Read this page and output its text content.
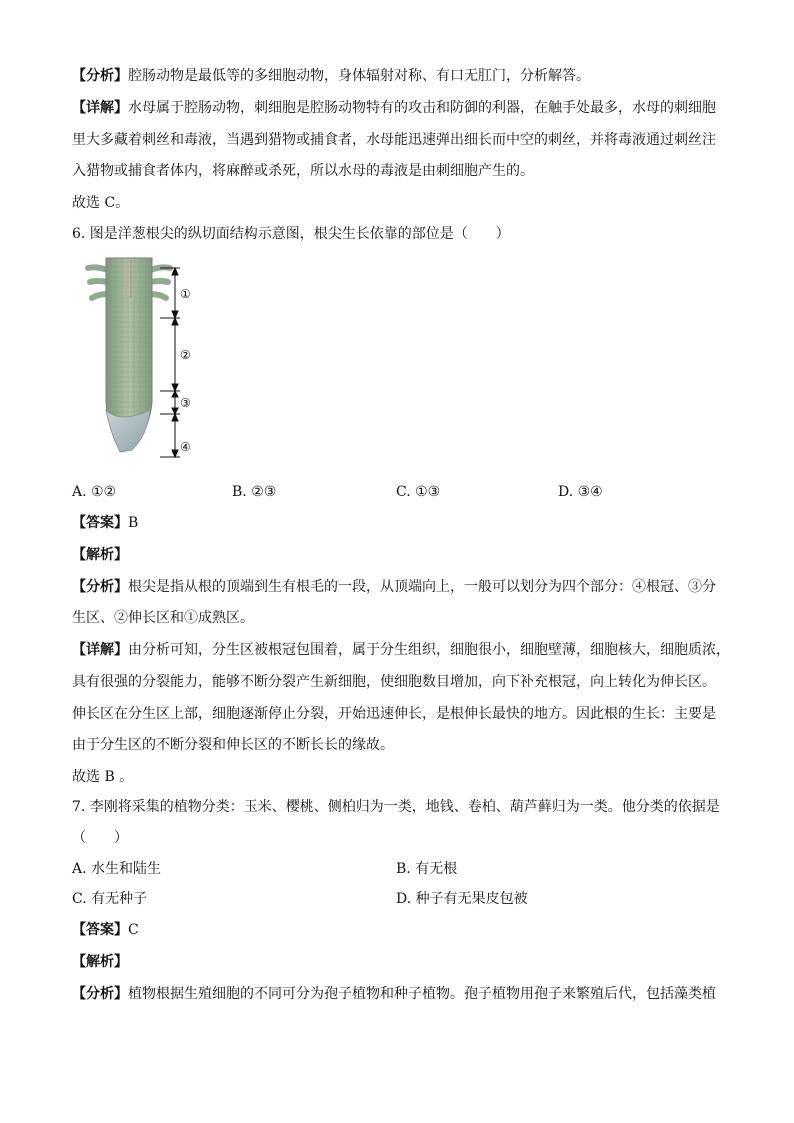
【分析】腔肠动物是最低等的多细胞动物，身体辐射对称、有口无肛门，分析解答。
【详解】水母属于腔肠动物，刺细胞是腔肠动物特有的攻击和防御的利器，在触手处最多，水母的刺细胞
里大多藏着刺丝和毒液，当遇到猎物或捕食者，水母能迅速弹出细长而中空的刺丝，并将毒液通过刺丝注
入猎物或捕食者体内，将麻醉或杀死，所以水母的毒液是由刺细胞产生的。
故选 C。
6. 图是洋葱根尖的纵切面结构示意图，根尖生长依靠的部位是（　　）
①
②
③
④
A. ①②	B. ②③	C. ①③	D. ③④
【答案】B
【解析】
【分析】根尖是指从根的顶端到生有根毛的一段，从顶端向上，一般可以划分为四个部分：④根冠、③分
生区、②伸长区和①成熟区。
【详解】由分析可知，分生区被根冠包围着，属于分生组织，细胞很小，细胞壁薄，细胞核大，细胞质浓，
具有很强的分裂能力，能够不断分裂产生新细胞，使细胞数目增加，向下补充根冠，向上转化为伸长区。
伸长区在分生区上部，细胞逐渐停止分裂，开始迅速伸长，是根伸长最快的地方。因此根的生长：主要是
由于分生区的不断分裂和伸长区的不断长长的缘故。
故选 B 。
7. 李刚将采集的植物分类：玉米、樱桃、侧柏归为一类，地钱、卷柏、葫芦藓归为一类。他分类的依据是
（　　）
A. 水生和陆生	B. 有无根
C. 有无种子	D. 种子有无果皮包被
【答案】C
【解析】
【分析】植物根据生殖细胞的不同可分为孢子植物和种子植物。孢子植物用孢子来繁殖后代，包括藻类植
